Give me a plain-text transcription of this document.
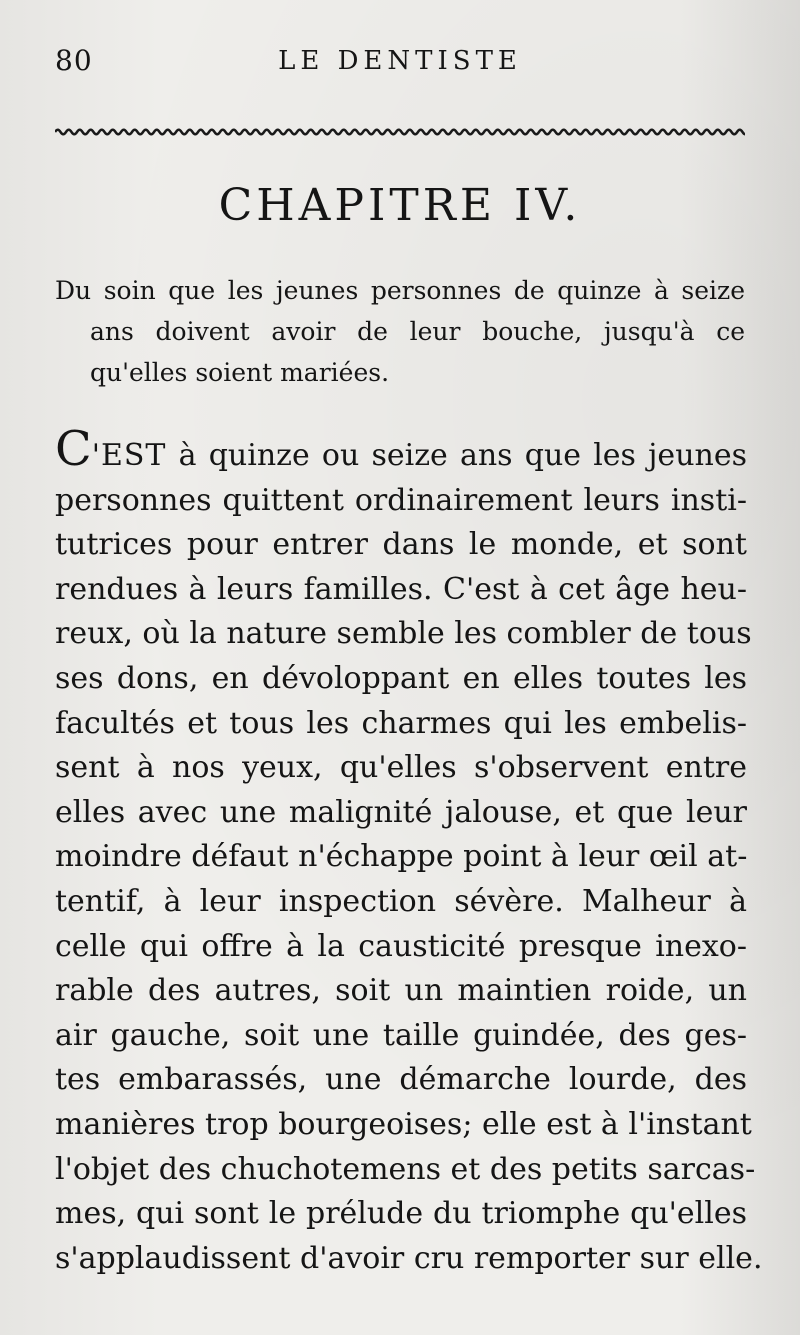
80	LE DENTISTE
CHAPITRE IV.

Du soin que les jeunes personnes de quinze à seize
ans doivent avoir de leur bouche, jusqu'à ce
qu'elles soient mariées.

C'EST à quinze ou seize ans que les jeunes
personnes quittent ordinairement leurs insti-
tutrices pour entrer dans le monde, et sont
rendues à leurs familles. C'est à cet âge heu-
reux, où la nature semble les combler de tous
ses dons, en dévoloppant en elles toutes les
facultés et tous les charmes qui les embelis-
sent à nos yeux, qu'elles s'observent entre
elles avec une malignité jalouse, et que leur
moindre défaut n'échappe point à leur œil at-
tentif, à leur inspection sévère. Malheur à
celle qui offre à la causticité presque inexo-
rable des autres, soit un maintien roide, un
air gauche, soit une taille guindée, des ges-
tes embarassés, une démarche lourde, des
manières trop bourgeoises; elle est à l'instant
l'objet des chuchotemens et des petits sarcas-
mes, qui sont le prélude du triomphe qu'elles
s'applaudissent d'avoir cru remporter sur elle.
